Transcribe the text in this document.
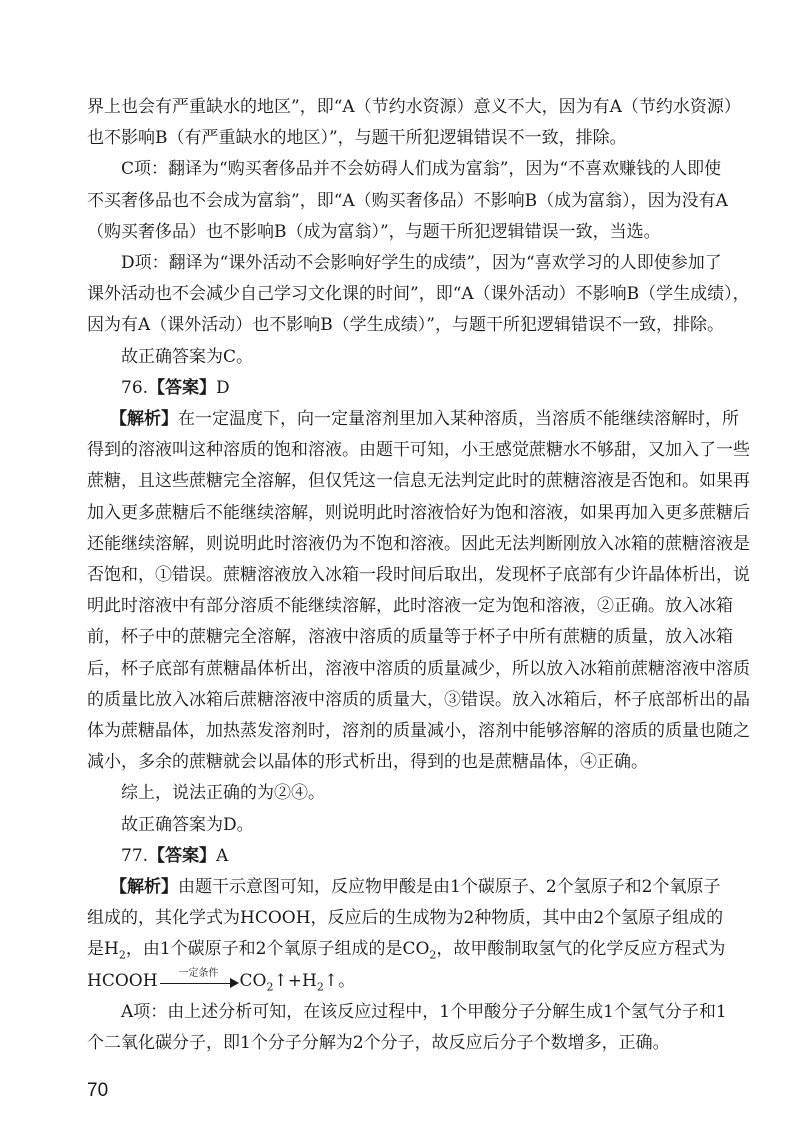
界上也会有严重缺水的地区”，即“A（节约水资源）意义不大，因为有A（节约水资源）
也不影响B（有严重缺水的地区）”，与题干所犯逻辑错误不一致，排除。
C项：翻译为“购买奢侈品并不会妨碍人们成为富翁”，因为“不喜欢赚钱的人即使
不买奢侈品也不会成为富翁”，即“A（购买奢侈品）不影响B（成为富翁），因为没有A
（购买奢侈品）也不影响B（成为富翁）”，与题干所犯逻辑错误一致，当选。
D项：翻译为“课外活动不会影响好学生的成绩”，因为“喜欢学习的人即使参加了
课外活动也不会减少自己学习文化课的时间”，即“A（课外活动）不影响B（学生成绩），
因为有A（课外活动）也不影响B（学生成绩）”，与题干所犯逻辑错误不一致，排除。
故正确答案为C。
76.【答案】D
【解析】在一定温度下，向一定量溶剂里加入某种溶质，当溶质不能继续溶解时，所
得到的溶液叫这种溶质的饱和溶液。由题干可知，小王感觉蔗糖水不够甜，又加入了一些
蔗糖，且这些蔗糖完全溶解，但仅凭这一信息无法判定此时的蔗糖溶液是否饱和。如果再
加入更多蔗糖后不能继续溶解，则说明此时溶液恰好为饱和溶液，如果再加入更多蔗糖后
还能继续溶解，则说明此时溶液仍为不饱和溶液。因此无法判断刚放入冰箱的蔗糖溶液是
否饱和，①错误。蔗糖溶液放入冰箱一段时间后取出，发现杯子底部有少许晶体析出，说
明此时溶液中有部分溶质不能继续溶解，此时溶液一定为饱和溶液，②正确。放入冰箱
前，杯子中的蔗糖完全溶解，溶液中溶质的质量等于杯子中所有蔗糖的质量，放入冰箱
后，杯子底部有蔗糖晶体析出，溶液中溶质的质量减少，所以放入冰箱前蔗糖溶液中溶质
的质量比放入冰箱后蔗糖溶液中溶质的质量大，③错误。放入冰箱后，杯子底部析出的晶
体为蔗糖晶体，加热蒸发溶剂时，溶剂的质量减小，溶剂中能够溶解的溶质的质量也随之
减小，多余的蔗糖就会以晶体的形式析出，得到的也是蔗糖晶体，④正确。
综上，说法正确的为②④。
故正确答案为D。
77.【答案】A
【解析】由题干示意图可知，反应物甲酸是由1个碳原子、2个氢原子和2个氧原子
组成的，其化学式为HCOOH，反应后的生成物为2种物质，其中由2个氢原子组成的
是$H_2$，由1个碳原子和2个氧原子组成的是$CO_2$，故甲酸制取氢气的化学反应方程式为
HCOOH	一定条件	$CO_2↑+H_2↑$。
A项：由上述分析可知，在该反应过程中，1个甲酸分子分解生成1个氢气分子和1
个二氧化碳分子，即1个分子分解为2个分子，故反应后分子个数增多，正确。
70
